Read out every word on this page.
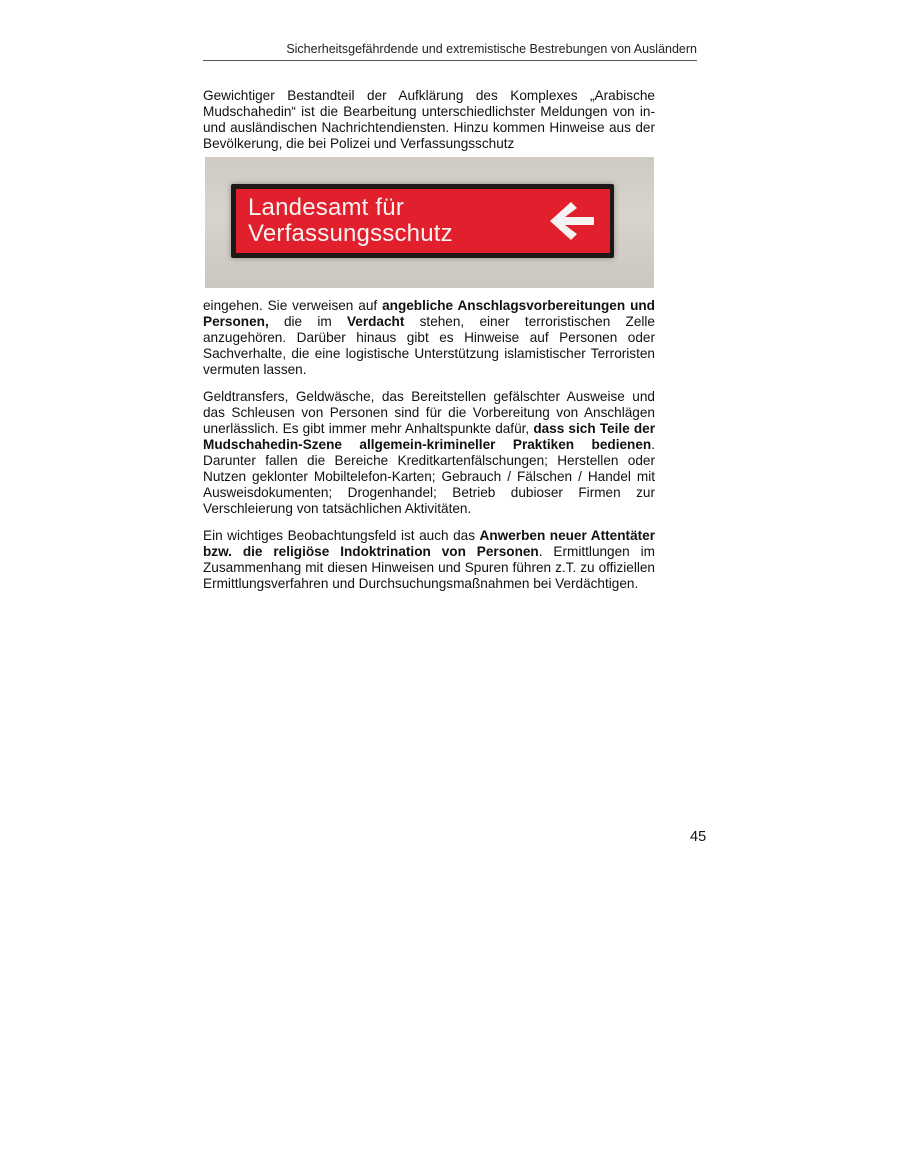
Sicherheitsgefährdende und extremistische Bestrebungen von Ausländern

Gewichtiger Bestandteil der Aufklärung des Komplexes „Arabische Mudschahedin“ ist die Bearbeitung unterschiedlichster Meldungen von in- und ausländischen Nachrichtendiensten. Hinzu kommen Hinweise aus der Bevölkerung, die bei Polizei und Verfassungsschutz

Landesamt für
Verfassungsschutz

eingehen. Sie verweisen auf angebliche Anschlagsvorbereitungen und Personen, die im Verdacht stehen, einer terroristischen Zelle anzugehören. Darüber hinaus gibt es Hinweise auf Personen oder Sachverhalte, die eine logistische Unterstützung islamistischer Terroristen vermuten lassen.

Geldtransfers, Geldwäsche, das Bereitstellen gefälschter Ausweise und das Schleusen von Personen sind für die Vorbereitung von Anschlägen unerlässlich. Es gibt immer mehr Anhaltspunkte dafür, dass sich Teile der Mudschahedin-Szene allgemein-krimineller Praktiken bedienen. Darunter fallen die Bereiche Kreditkartenfälschungen; Herstellen oder Nutzen geklonter Mobiltelefon-Karten; Gebrauch / Fälschen / Handel mit Ausweisdokumenten; Drogenhandel; Betrieb dubioser Firmen zur Verschleierung von tatsächlichen Aktivitäten.

Ein wichtiges Beobachtungsfeld ist auch das Anwerben neuer Attentäter bzw. die religiöse Indoktrination von Personen. Ermittlungen im Zusammenhang mit diesen Hinweisen und Spuren führen z.T. zu offiziellen Ermittlungsverfahren und Durchsuchungsmaßnahmen bei Verdächtigen.

45
